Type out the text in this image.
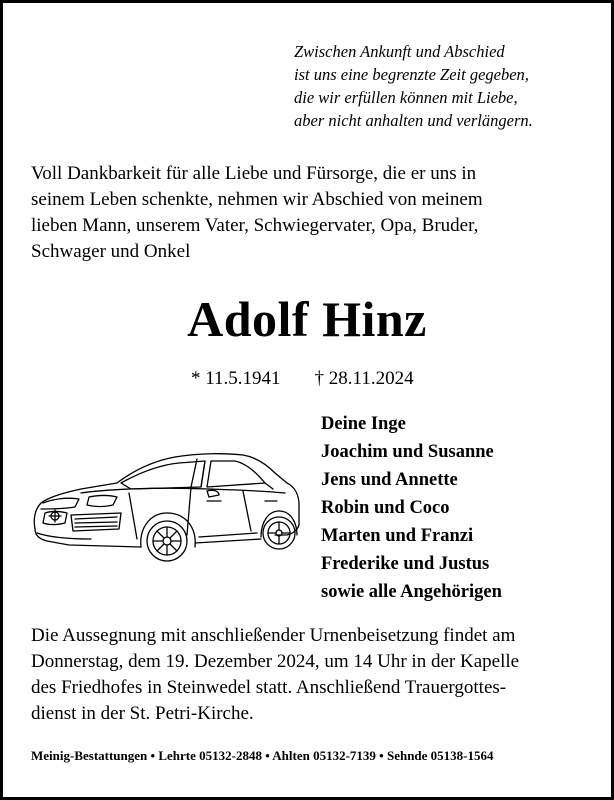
Zwischen Ankunft und Abschied
ist uns eine begrenzte Zeit gegeben,
die wir erfüllen können mit Liebe,
aber nicht anhalten und verlängern.
Voll Dankbarkeit für alle Liebe und Fürsorge, die er uns in
seinem Leben schenkte, nehmen wir Abschied von meinem
lieben Mann, unserem Vater, Schwiegervater, Opa, Bruder,
Schwager und Onkel
Adolf Hinz
* 11.5.1941 † 28.11.2024
Deine Inge
Joachim und Susanne
Jens und Annette
Robin und Coco
Marten und Franzi
Frederike und Justus
sowie alle Angehörigen
Die Aussegnung mit anschließender Urnenbeisetzung findet am
Donnerstag, dem 19. Dezember 2024, um 14 Uhr in der Kapelle
des Friedhofes in Steinwedel statt. Anschließend Trauergottes-
dienst in der St. Petri-Kirche.
Meinig-Bestattungen • Lehrte 05132-2848 • Ahlten 05132-7139 • Sehnde 05138-1564
